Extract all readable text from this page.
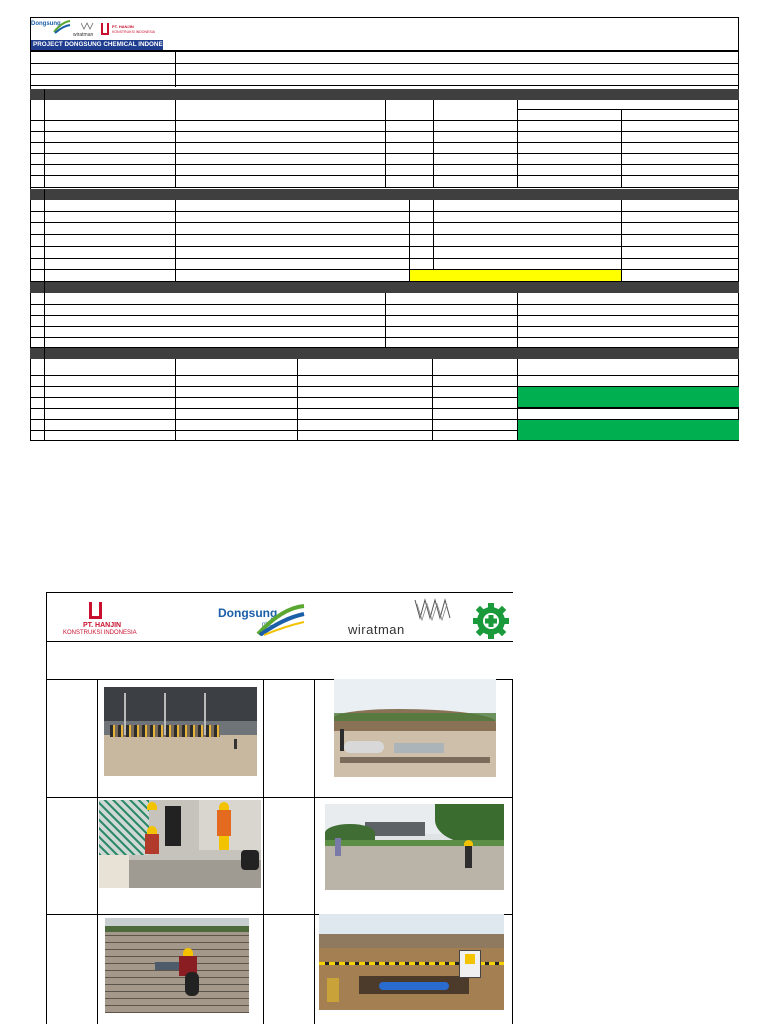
Dongsung
wiratman
PT. HANJIN
KONSTRUKSI INDONESIA
PROJECT DONGSUNG CHEMICAL INDONESIA
PT. HANJIN
KONSTRUKSI INDONESIA
Dongsung
pbc	wiratman
